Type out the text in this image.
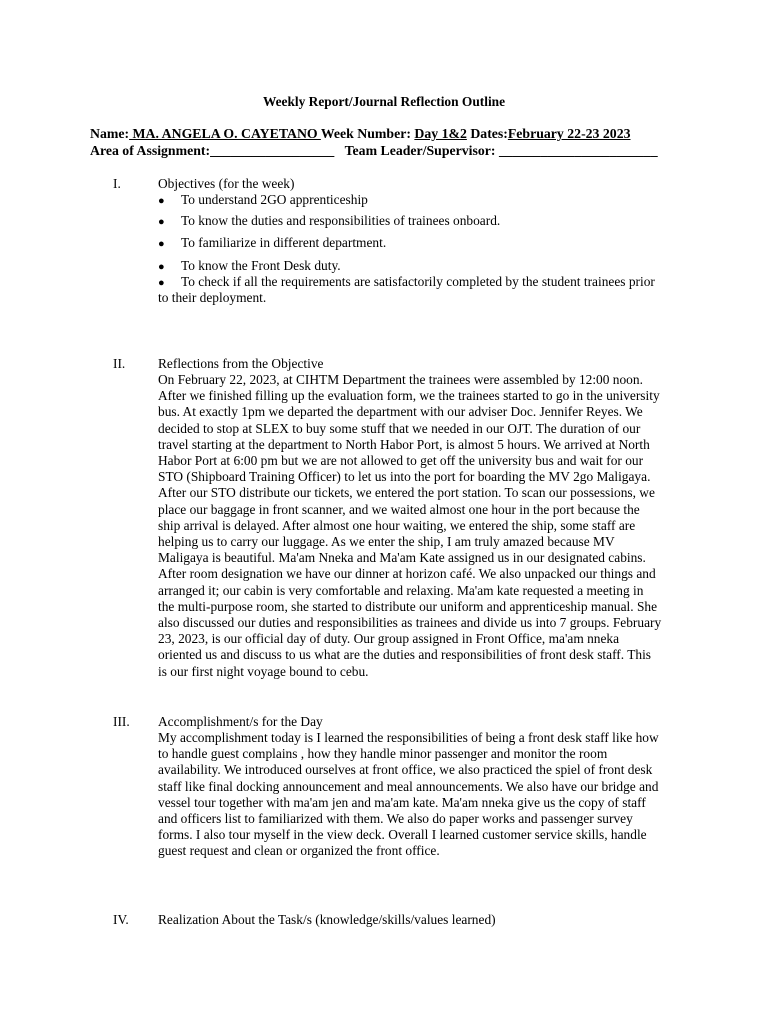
Weekly Report/Journal Reflection Outline
Name: MA. ANGELA O. CAYETANO Week Number: Day 1&2 Dates:February 22-23 2023
Area of Assignment:__________________ Team Leader/Supervisor: _______________________
I.	Objectives (for the week)
● To understand 2GO apprenticeship
● To know the duties and responsibilities of trainees onboard.
● To familiarize in different department.
● To know the Front Desk duty.
● To check if all the requirements are satisfactorily completed by the student trainees prior
to their deployment.
II. Reflections from the Objective
On February 22, 2023, at CIHTM Department the trainees were assembled by 12:00 noon.
After we finished filling up the evaluation form, we the trainees started to go in the university
bus. At exactly 1pm we departed the department with our adviser Doc. Jennifer Reyes. We
decided to stop at SLEX to buy some stuff that we needed in our OJT. The duration of our
travel starting at the department to North Habor Port, is almost 5 hours. We arrived at North
Habor Port at 6:00 pm but we are not allowed to get off the university bus and wait for our
STO (Shipboard Training Officer) to let us into the port for boarding the MV 2go Maligaya.
After our STO distribute our tickets, we entered the port station. To scan our possessions, we
place our baggage in front scanner, and we waited almost one hour in the port because the
ship arrival is delayed. After almost one hour waiting, we entered the ship, some staff are
helping us to carry our luggage. As we enter the ship, I am truly amazed because MV
Maligaya is beautiful. Ma'am Nneka and Ma'am Kate assigned us in our designated cabins.
After room designation we have our dinner at horizon café. We also unpacked our things and
arranged it; our cabin is very comfortable and relaxing. Ma'am kate requested a meeting in
the multi-purpose room, she started to distribute our uniform and apprenticeship manual. She
also discussed our duties and responsibilities as trainees and divide us into 7 groups. February
23, 2023, is our official day of duty. Our group assigned in Front Office, ma'am nneka
oriented us and discuss to us what are the duties and responsibilities of front desk staff. This
is our first night voyage bound to cebu.
III. Accomplishment/s for the Day
My accomplishment today is I learned the responsibilities of being a front desk staff like how
to handle guest complains , how they handle minor passenger and monitor the room
availability. We introduced ourselves at front office, we also practiced the spiel of front desk
staff like final docking announcement and meal announcements. We also have our bridge and
vessel tour together with ma'am jen and ma'am kate. Ma'am nneka give us the copy of staff
and officers list to familiarized with them. We also do paper works and passenger survey
forms. I also tour myself in the view deck. Overall I learned customer service skills, handle
guest request and clean or organized the front office.
IV. Realization About the Task/s (knowledge/skills/values learned)
